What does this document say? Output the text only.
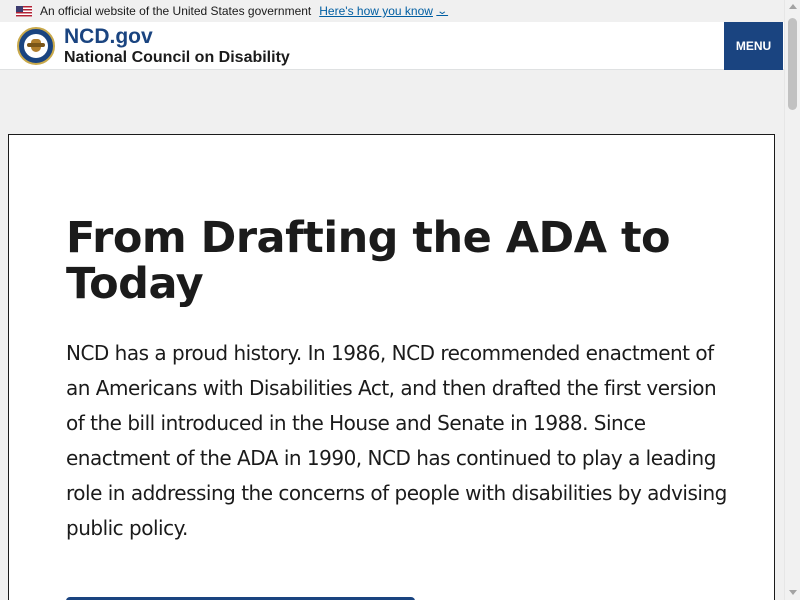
An official website of the United States government Here's how you know ⌄
NCD.gov
National Council on Disability
MENU
From Drafting the ADA to Today

NCD has a proud history. In 1986, NCD recommended enactment of an Americans with Disabilities Act, and then drafted the first version of the bill introduced in the House and Senate in 1988. Since enactment of the ADA in 1990, NCD has continued to play a leading role in addressing the concerns of people with disabilities by advising public policy.
